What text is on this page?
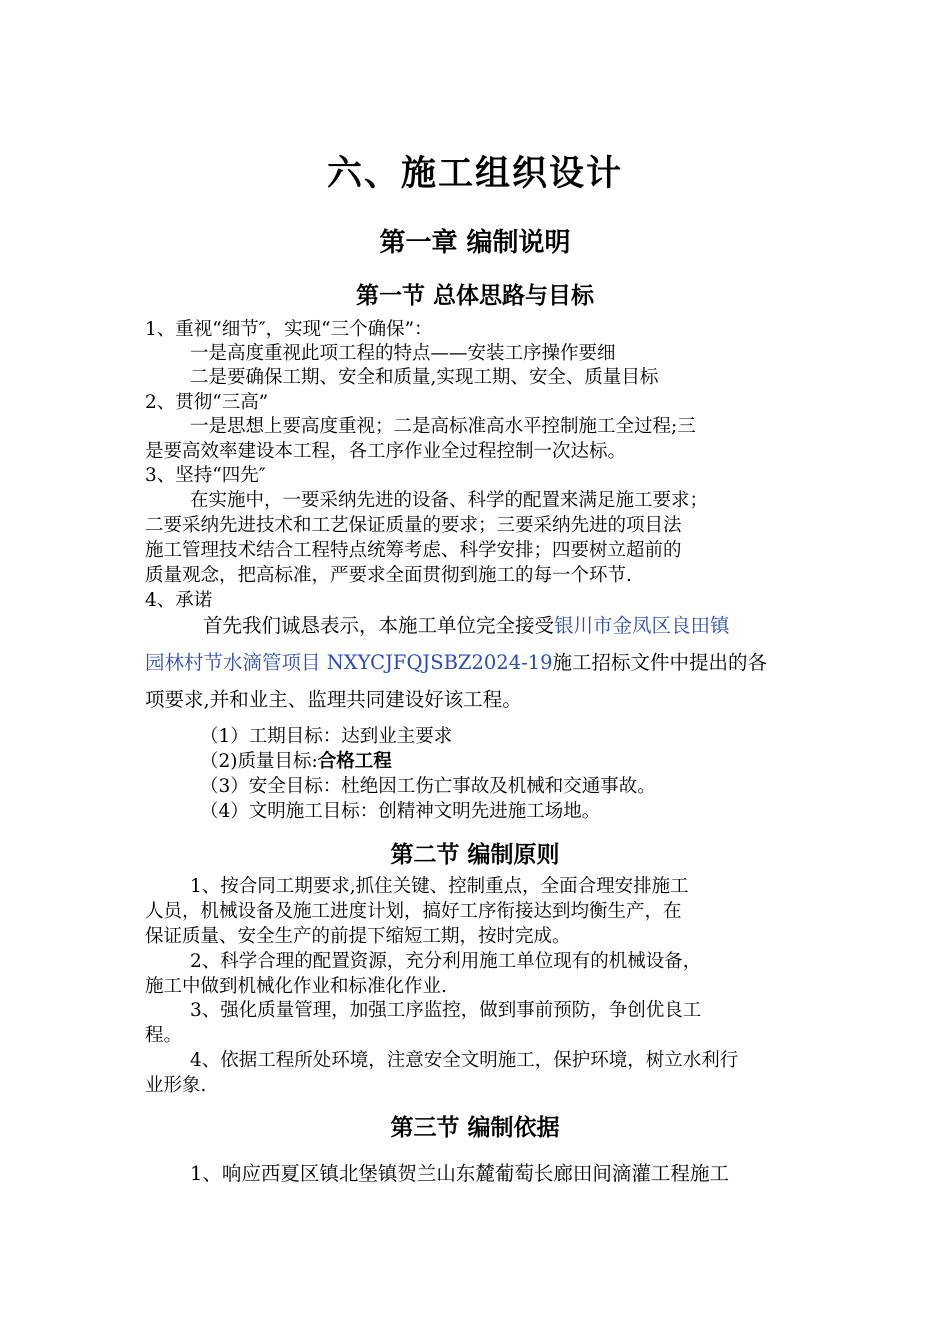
六、施工组织设计
第一章 编制说明
第一节 总体思路与目标
1、重视“细节″，实现“三个确保”：
一是高度重视此项工程的特点——安装工序操作要细
二是要确保工期、安全和质量,实现工期、安全、质量目标
2、贯彻“三高”
一是思想上要高度重视；二是高标准高水平控制施工全过程;三
是要高效率建设本工程，各工序作业全过程控制一次达标。
3、坚持“四先″
在实施中，一要采纳先进的设备、科学的配置来满足施工要求；
二要采纳先进技术和工艺保证质量的要求；三要采纳先进的项目法
施工管理技术结合工程特点统筹考虑、科学安排；四要树立超前的
质量观念，把高标准，严要求全面贯彻到施工的每一个环节.
4、承诺
首先我们诚恳表示，本施工单位完全接受银川市金凤区良田镇
园林村节水滴管项目 NXYCJFQJSBZ2024-19施工招标文件中提出的各
项要求,并和业主、监理共同建设好该工程。
（1）工期目标：达到业主要求
（2)质量目标:合格工程
（3）安全目标：杜绝因工伤亡事故及机械和交通事故。
（4）文明施工目标：创精神文明先进施工场地。
第二节 编制原则
1、按合同工期要求,抓住关键、控制重点，全面合理安排施工
人员，机械设备及施工进度计划，搞好工序衔接达到均衡生产，在
保证质量、安全生产的前提下缩短工期，按时完成。
2、科学合理的配置资源，充分利用施工单位现有的机械设备，
施工中做到机械化作业和标准化作业.
3、强化质量管理，加强工序监控，做到事前预防，争创优良工
程。
4、依据工程所处环境，注意安全文明施工，保护环境，树立水利行
业形象.
第三节 编制依据
1、响应西夏区镇北堡镇贺兰山东麓葡萄长廊田间滴灌工程施工
